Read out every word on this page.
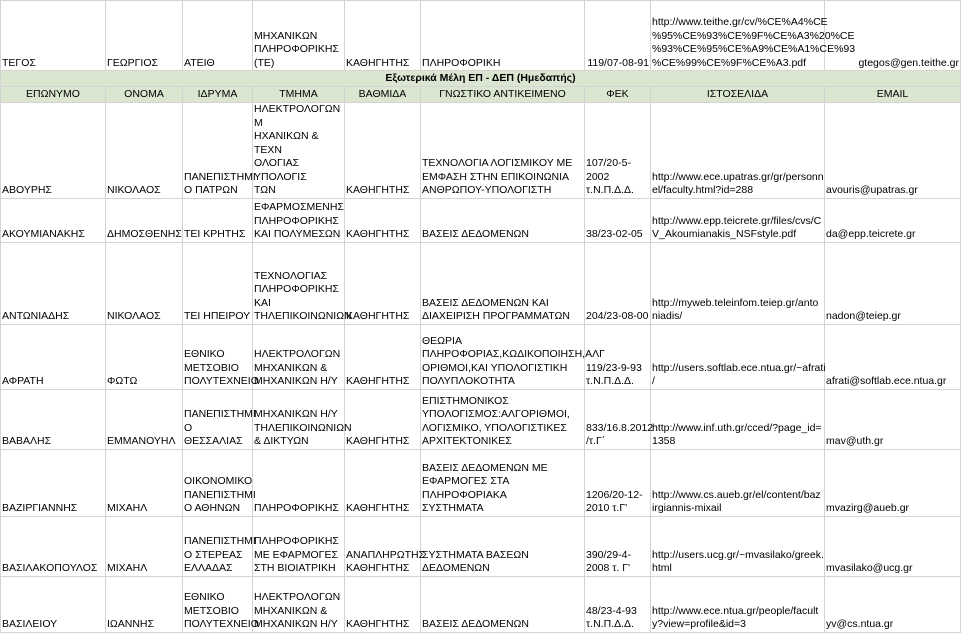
ΤΕΓΟΣ	ΓΕΩΡΓΙΟΣ	ΑΤΕΙΘ	ΜΗΧΑΝΙΚΩΝ
ΠΛΗΡΟΦΟΡΙΚΗΣ
(ΤΕ)	ΚΑΘΗΓΗΤΗΣ	ΠΛΗΡΟΦΟΡΙΚΗ	119/07-08-91	http://www.teithe.gr/cv/%CE%A4%CE
%95%CE%93%CE%9F%CE%A3%20%CE
%93%CE%95%CE%A9%CE%A1%CE%93
%CE%99%CE%9F%CE%A3.pdf	gtegos@gen.teithe.gr
Εξωτερικά Μέλη ΕΠ - ΔΕΠ (Ημεδαπής)								
ΕΠΩΝΥΜΟ	ΟΝΟΜΑ	ΙΔΡΥΜΑ	ΤΜΗΜΑ	ΒΑΘΜΙΔΑ	ΓΝΩΣΤΙΚΟ ΑΝΤΙΚΕΙΜΕΝΟ	ΦΕΚ	ΙΣΤΟΣΕΛΙΔΑ	EMAIL
ΑΒΟΥΡΗΣ	ΝΙΚΟΛΑΟΣ	ΠΑΝΕΠΙΣΤΗΜΙ
Ο ΠΑΤΡΩΝ	ΗΛΕΚΤΡΟΛΟΓΩΝ Μ
ΗΧΑΝΙΚΩΝ & ΤΕΧΝ
ΟΛΟΓΙΑΣ ΥΠΟΛΟΓΙΣ
ΤΩΝ	ΚΑΘΗΓΗΤΗΣ	ΤΕΧΝΟΛΟΓΙΑ ΛΟΓΙΣΜΙΚΟΥ ΜΕ
ΕΜΦΑΣΗ ΣΤΗΝ ΕΠΙΚΟΙΝΩΝΙΑ
ΑΝΘΡΩΠΟΥ-ΥΠΟΛΟΓΙΣΤΗ	107/20-5-
2002
τ.Ν.Π.Δ.Δ.	http://www.ece.upatras.gr/gr/personn
el/faculty.html?id=288	avouris@upatras.gr
ΑΚΟΥΜΙΑΝΑΚΗΣ	ΔΗΜΟΣΘΕΝΗΣ	ΤΕΙ ΚΡΗΤΗΣ	ΕΦΑΡΜΟΣΜΕΝΗΣ
ΠΛΗΡΟΦΟΡΙΚΗΣ
ΚΑΙ ΠΟΛΥΜΕΣΩΝ	ΚΑΘΗΓΗΤΗΣ	ΒΑΣΕΙΣ ΔΕΔΟΜΕΝΩΝ	38/23-02-05	http://www.epp.teicrete.gr/files/cvs/C
V_Akoumianakis_NSFstyle.pdf	da@epp.teicrete.gr
ΑΝΤΩΝΙΑΔΗΣ	ΝΙΚΟΛΑΟΣ	ΤΕΙ ΗΠΕΙΡΟΥ	ΤΕΧΝΟΛΟΓΙΑΣ
ΠΛΗΡΟΦΟΡΙΚΗΣ
ΚΑΙ
ΤΗΛΕΠΙΚΟΙΝΩΝΙΩΝ	ΚΑΘΗΓΗΤΗΣ	ΒΑΣΕΙΣ ΔΕΔΟΜΕΝΩΝ ΚΑΙ
ΔΙΑΧΕΙΡΙΣΗ ΠΡΟΓΡΑΜΜΑΤΩΝ	204/23-08-00	http://myweb.teleinfom.teiep.gr/anto
niadis/	nadon@teiep.gr
ΑΦΡΑΤΗ	ΦΩΤΩ	ΕΘΝΙΚΟ
ΜΕΤΣΟΒΙΟ
ΠΟΛΥΤΕΧΝΕΙΟ	ΗΛΕΚΤΡΟΛΟΓΩΝ
ΜΗΧΑΝΙΚΩΝ &
ΜΗΧΑΝΙΚΩΝ Η/Υ	ΚΑΘΗΓΗΤΗΣ	ΘΕΩΡΙΑ
ΠΛΗΡΟΦΟΡΙΑΣ,ΚΩΔΙΚΟΠΟΙΗΣΗ,ΑΛΓ
ΟΡΙΘΜΟΙ,ΚΑΙ ΥΠΟΛΟΓΙΣΤΙΚΗ
ΠΟΛΥΠΛΟΚΟΤΗΤΑ	119/23-9-93
τ.Ν.Π.Δ.Δ.	http://users.softlab.ece.ntua.gr/~afrati
/	afrati@softlab.ece.ntua.gr
ΒΑΒΑΛΗΣ	ΕΜΜΑΝΟΥΗΛ	ΠΑΝΕΠΙΣΤΗΜΙ
Ο ΘΕΣΣΑΛΙΑΣ	ΜΗΧΑΝΙΚΩΝ Η/Υ
ΤΗΛΕΠΙΚΟΙΝΩΝΙΩΝ
& ΔΙΚΤΥΩΝ	ΚΑΘΗΓΗΤΗΣ	ΕΠΙΣΤΗΜΟΝΙΚΟΣ
ΥΠΟΛΟΓΙΣΜΟΣ:ΑΛΓΟΡΙΘΜΟΙ,
ΛΟΓΙΣΜΙΚΟ, ΥΠΟΛΟΓΙΣΤΙΚΕΣ
ΑΡΧΙΤΕΚΤΟΝΙΚΕΣ	833/16.8.2012
/τ.Γ΄	http://www.inf.uth.gr/cced/?page_id=
1358	mav@uth.gr
ΒΑΖΙΡΓΙΑΝΝΗΣ	ΜΙΧΑΗΛ	ΟΙΚΟΝΟΜΙΚΟ
ΠΑΝΕΠΙΣΤΗΜΙ
Ο ΑΘΗΝΩΝ	ΠΛΗΡΟΦΟΡΙΚΗΣ	ΚΑΘΗΓΗΤΗΣ	ΒΑΣΕΙΣ ΔΕΔΟΜΕΝΩΝ ΜΕ
ΕΦΑΡΜΟΓΕΣ ΣΤΑ ΠΛΗΡΟΦΟΡΙΑΚΑ
ΣΥΣΤΗΜΑΤΑ	1206/20-12-
2010 τ.Γ'	http://www.cs.aueb.gr/el/content/baz
irgiannis-mixail	mvazirg@aueb.gr
ΒΑΣΙΛΑΚΟΠΟΥΛΟΣ	ΜΙΧΑΗΛ	ΠΑΝΕΠΙΣΤΗΜΙ
Ο ΣΤΕΡΕΑΣ
ΕΛΛΑΔΑΣ	ΠΛΗΡΟΦΟΡΙΚΗΣ
ΜΕ ΕΦΑΡΜΟΓΕΣ
ΣΤΗ ΒΙΟΙΑΤΡΙΚΗ	ΑΝΑΠΛΗΡΩΤΗΣ
ΚΑΘΗΓΗΤΗΣ	ΣΥΣΤΗΜΑΤΑ ΒΑΣΕΩΝ ΔΕΔΟΜΕΝΩΝ	390/29-4-
2008 τ. Γ'	http://users.ucg.gr/~mvasilako/greek.
html	mvasilako@ucg.gr
ΒΑΣΙΛΕΙΟΥ	ΙΩΑΝΝΗΣ	ΕΘΝΙΚΟ
ΜΕΤΣΟΒΙΟ
ΠΟΛΥΤΕΧΝΕΙΟ	ΗΛΕΚΤΡΟΛΟΓΩΝ
ΜΗΧΑΝΙΚΩΝ &
ΜΗΧΑΝΙΚΩΝ Η/Υ	ΚΑΘΗΓΗΤΗΣ	ΒΑΣΕΙΣ ΔΕΔΟΜΕΝΩΝ	48/23-4-93
τ.Ν.Π.Δ.Δ.	http://www.ece.ntua.gr/people/facult
y?view=profile&id=3	yv@cs.ntua.gr
